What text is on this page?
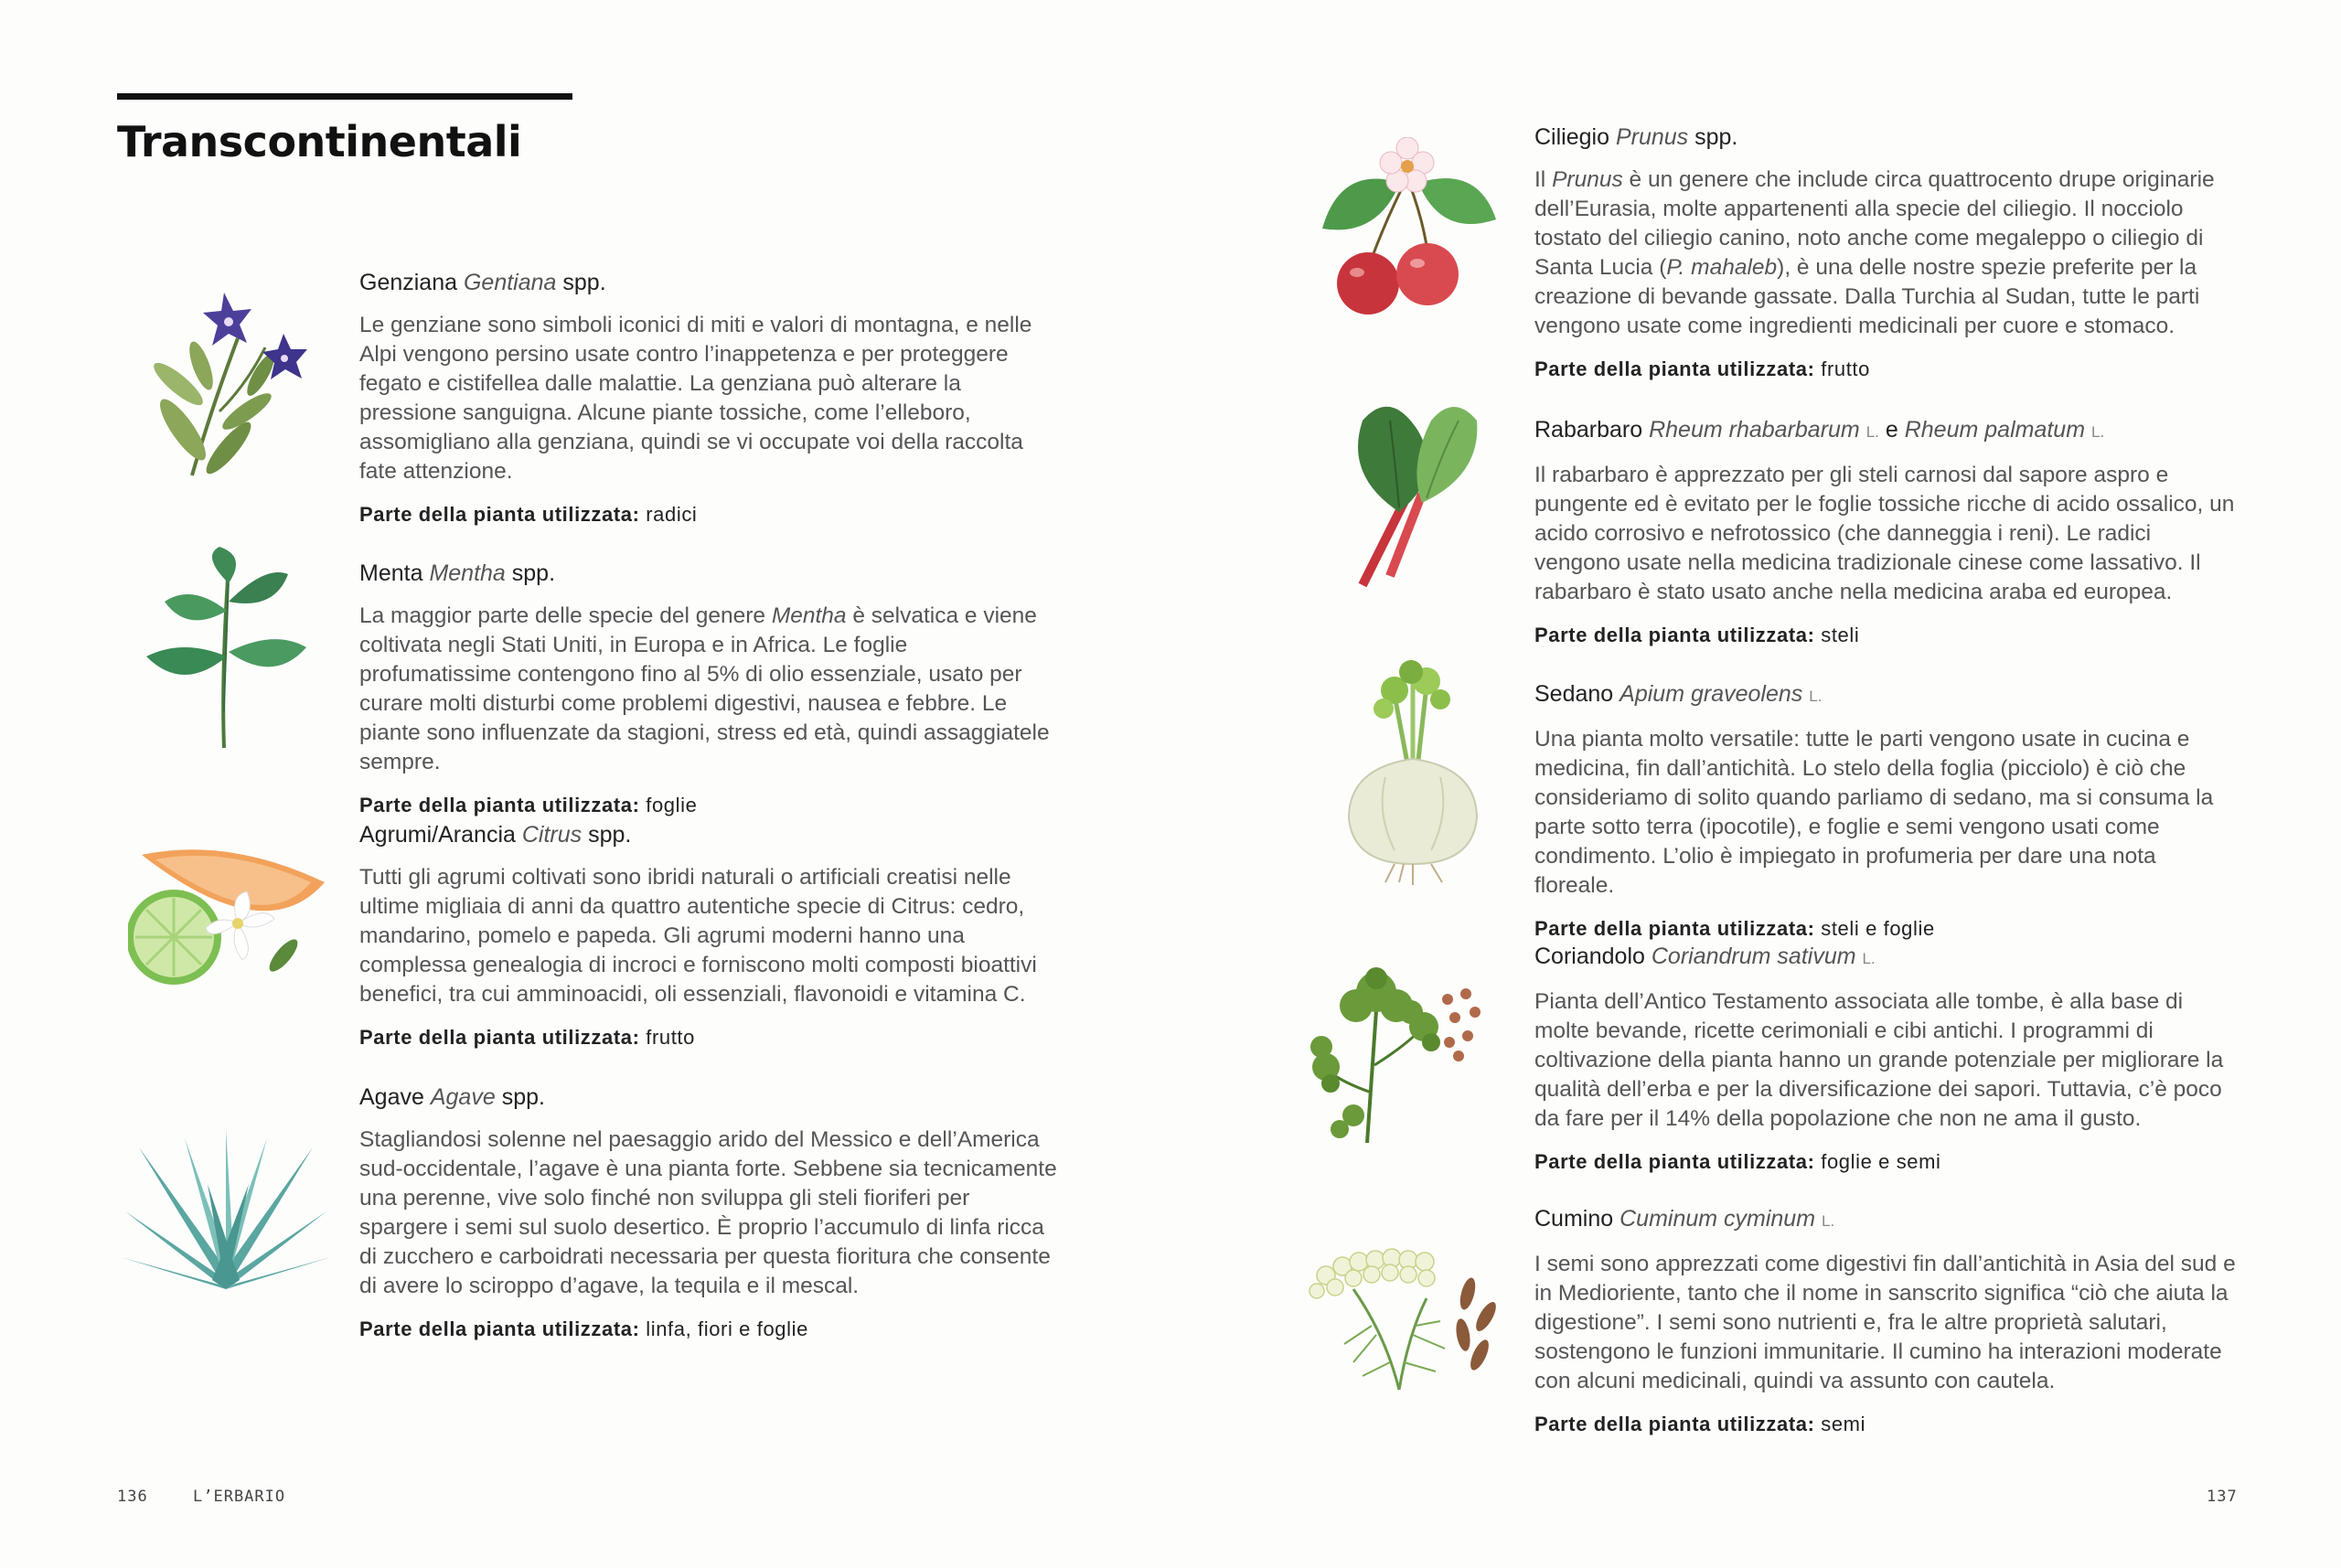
Transcontinentali

Genziana Gentiana spp.

Le genziane sono simboli iconici di miti e valori di montagna, e nelle Alpi vengono persino usate contro l’inappetenza e per proteggere fegato e cistifellea dalle malattie. La genziana può alterare la pressione sanguigna. Alcune piante tossiche, come l’elleboro, assomigliano alla genziana, quindi se vi occupate voi della raccolta fate attenzione.

Parte della pianta utilizzata: radici

Menta Mentha spp.

La maggior parte delle specie del genere Mentha è selvatica e viene coltivata negli Stati Uniti, in Europa e in Africa. Le foglie profumatissime contengono fino al 5% di olio essenziale, usato per curare molti disturbi come problemi digestivi, nausea e febbre. Le piante sono influenzate da stagioni, stress ed età, quindi assaggiatele sempre.

Parte della pianta utilizzata: foglie

Agrumi/Arancia Citrus spp.

Tutti gli agrumi coltivati sono ibridi naturali o artificiali creatisi nelle ultime migliaia di anni da quattro autentiche specie di Citrus: cedro, mandarino, pomelo e papeda. Gli agrumi moderni hanno una complessa genealogia di incroci e forniscono molti composti bioattivi benefici, tra cui amminoacidi, oli essenziali, flavonoidi e vitamina C.

Parte della pianta utilizzata: frutto

Agave Agave spp.

Stagliandosi solenne nel paesaggio arido del Messico e dell’America sud-occidentale, l’agave è una pianta forte. Sebbene sia tecnicamente una perenne, vive solo finché non sviluppa gli steli fioriferi per spargere i semi sul suolo desertico. È proprio l’accumulo di linfa ricca di zucchero e carboidrati necessaria per questa fioritura che consente di avere lo sciroppo d’agave, la tequila e il mescal.

Parte della pianta utilizzata: linfa, fiori e foglie

Ciliegio Prunus spp.

Il Prunus è un genere che include circa quattrocento drupe originarie dell’Eurasia, molte appartenenti alla specie del ciliegio. Il nocciolo tostato del ciliegio canino, noto anche come megaleppo o ciliegio di Santa Lucia (P. mahaleb), è una delle nostre spezie preferite per la creazione di bevande gassate. Dalla Turchia al Sudan, tutte le parti vengono usate come ingredienti medicinali per cuore e stomaco.

Parte della pianta utilizzata: frutto

Rabarbaro Rheum rhabarbarum L. e Rheum palmatum L.

Il rabarbaro è apprezzato per gli steli carnosi dal sapore aspro e pungente ed è evitato per le foglie tossiche ricche di acido ossalico, un acido corrosivo e nefrotossico (che danneggia i reni). Le radici vengono usate nella medicina tradizionale cinese come lassativo. Il rabarbaro è stato usato anche nella medicina araba ed europea.

Parte della pianta utilizzata: steli

Sedano Apium graveolens L.

Una pianta molto versatile: tutte le parti vengono usate in cucina e medicina, fin dall’antichità. Lo stelo della foglia (picciolo) è ciò che consideriamo di solito quando parliamo di sedano, ma si consuma la parte sotto terra (ipocotile), e foglie e semi vengono usati come condimento. L’olio è impiegato in profumeria per dare una nota floreale.

Parte della pianta utilizzata: steli e foglie

Coriandolo Coriandrum sativum L.

Pianta dell’Antico Testamento associata alle tombe, è alla base di molte bevande, ricette cerimoniali e cibi antichi. I programmi di coltivazione della pianta hanno un grande potenziale per migliorare la qualità dell’erba e per la diversificazione dei sapori. Tuttavia, c’è poco da fare per il 14% della popolazione che non ne ama il gusto.

Parte della pianta utilizzata: foglie e semi

Cumino Cuminum cyminum L.

I semi sono apprezzati come digestivi fin dall’antichità in Asia del sud e in Medioriente, tanto che il nome in sanscrito significa “ciò che aiuta la digestione”. I semi sono nutrienti e, fra le altre proprietà salutari, sostengono le funzioni immunitarie. Il cumino ha interazioni moderate con alcuni medicinali, quindi va assunto con cautela.

Parte della pianta utilizzata: semi

136	L’ERBARIO	137
